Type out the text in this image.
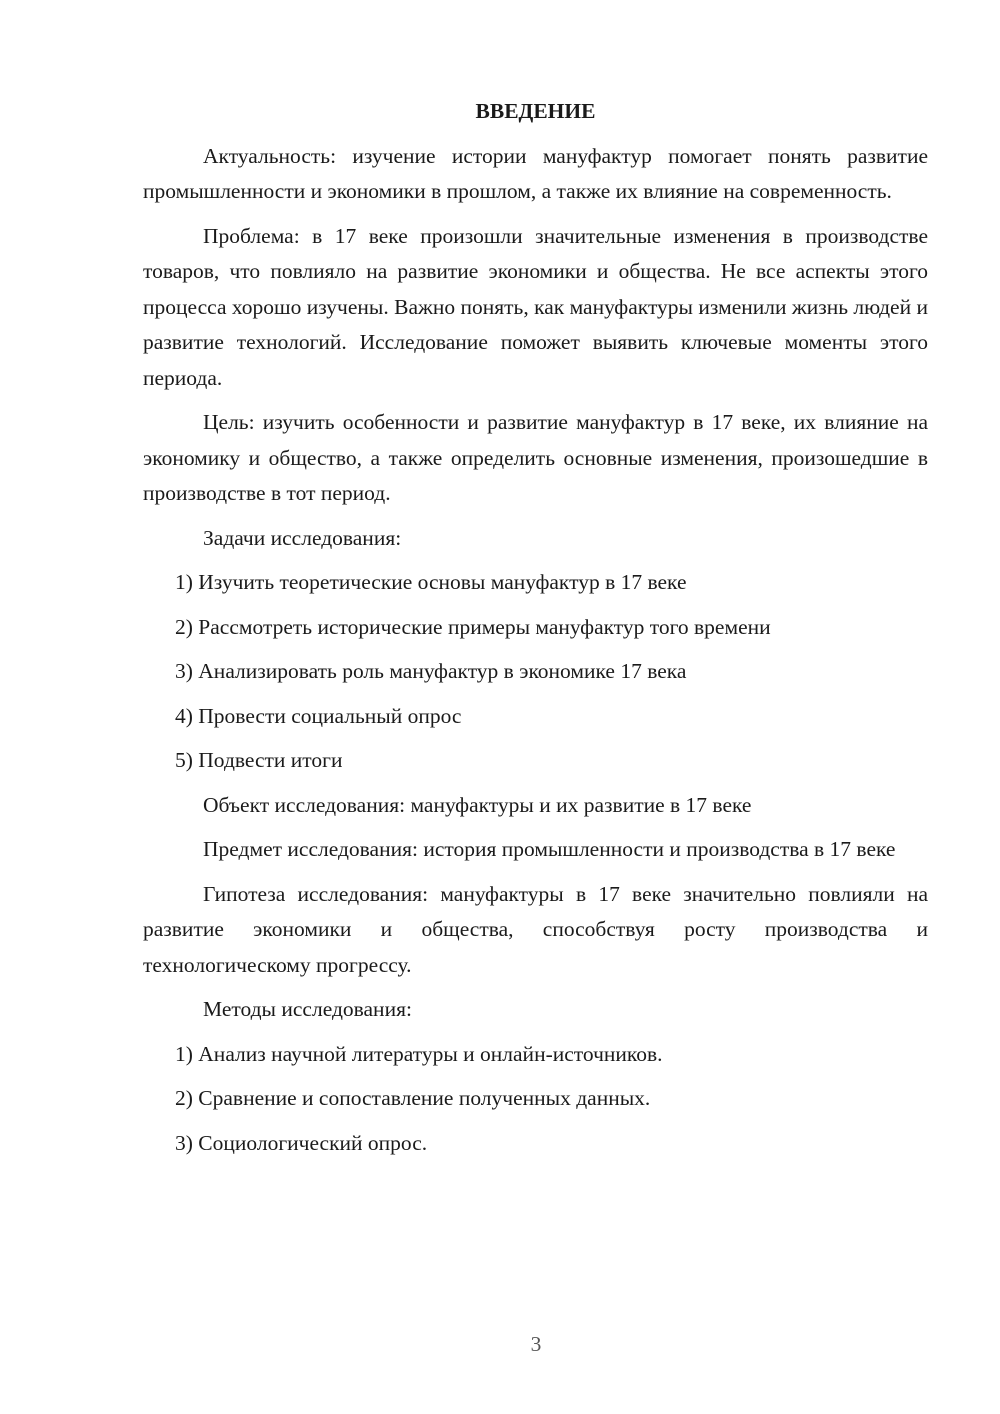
ВВЕДЕНИЕ

Актуальность: изучение истории мануфактур помогает понять развитие промышленности и экономики в прошлом, а также их влияние на современность.

Проблема: в 17 веке произошли значительные изменения в производстве товаров, что повлияло на развитие экономики и общества. Не все аспекты этого процесса хорошо изучены. Важно понять, как мануфактуры изменили жизнь людей и развитие технологий. Исследование поможет выявить ключевые моменты этого периода.

Цель: изучить особенности и развитие мануфактур в 17 веке, их влияние на экономику и общество, а также определить основные изменения, произошедшие в производстве в тот период.

Задачи исследования:

1) Изучить теоретические основы мануфактур в 17 веке
2) Рассмотреть исторические примеры мануфактур того времени
3) Анализировать роль мануфактур в экономике 17 века
4) Провести социальный опрос
5) Подвести итоги

Объект исследования: мануфактуры и их развитие в 17 веке

Предмет исследования: история промышленности и производства в 17 веке

Гипотеза исследования: мануфактуры в 17 веке значительно повлияли на развитие экономики и общества, способствуя росту производства и технологическому прогрессу.

Методы исследования:

1) Анализ научной литературы и онлайн-источников.
2) Сравнение и сопоставление полученных данных.
3) Социологический опрос.
3
